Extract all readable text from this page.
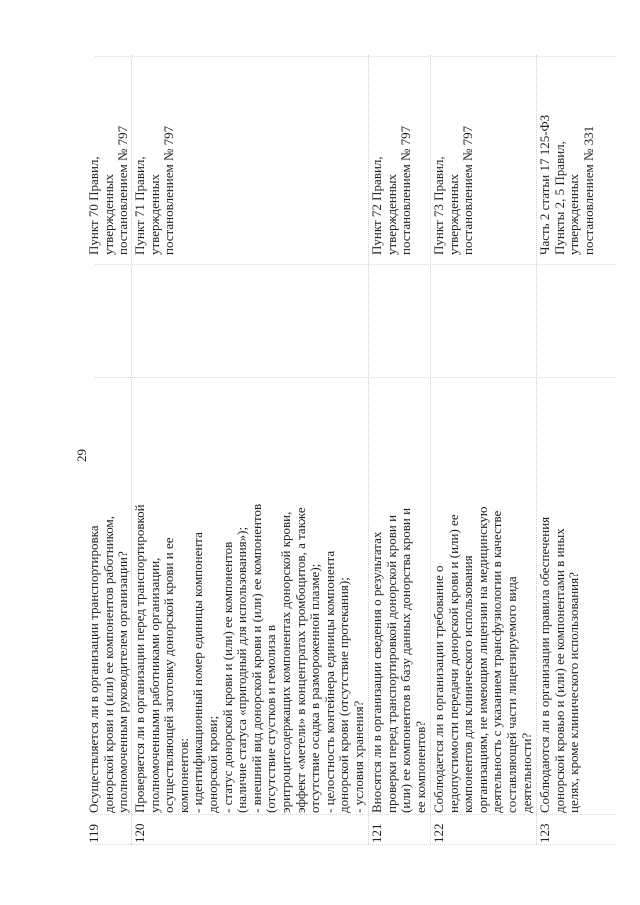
29
119
Осуществляется ли в организации транспортировка
донорской крови и (или) ее компонентов работником,
уполномоченным руководителем организации?
Пункт 70 Правил,
утвержденных
постановлением № 797
120
Проверяется ли в организации перед транспортировкой
уполномоченными работниками организации,
осуществляющей заготовку донорской крови и ее
компонентов:
- идентификационный номер единицы компонента
донорской крови;
- статус донорской крови и (или) ее компонентов
(наличие статуса «пригодный для использования»);
- внешний вид донорской крови и (или) ее компонентов
(отсутствие сгустков и гемолиза в
эритроцитсодержащих компонентах донорской крови,
эффект «метели» в концентратах тромбоцитов, а также
отсутствие осадка в размороженной плазме);
- целостность контейнера единицы компонента
донорской крови (отсутствие протекания);
- условия хранения?
Пункт 71 Правил,
утвержденных
постановлением № 797
121
Вносятся ли в организации сведения о результатах
проверки перед транспортировкой донорской крови и
(или) ее компонентов в базу данных донорства крови и
ее компонентов?
Пункт 72 Правил,
утвержденных
постановлением № 797
122
Соблюдается ли в организации требование о
недопустимости передачи донорской крови и (или) ее
компонентов для клинического использования
организациям, не имеющим лицензии на медицинскую
деятельность с указанием трансфузиологии в качестве
составляющей части лицензируемого вида
деятельности?
Пункт 73 Правил,
утвержденных
постановлением № 797
123
Соблюдаются ли в организации правила обеспечения
донорской кровью и (или) ее компонентами в иных
целях, кроме клинического использования?
Часть 2 статьи 17 125-ФЗ
Пункты 2, 5 Правил,
утвержденных
постановлением № 331
